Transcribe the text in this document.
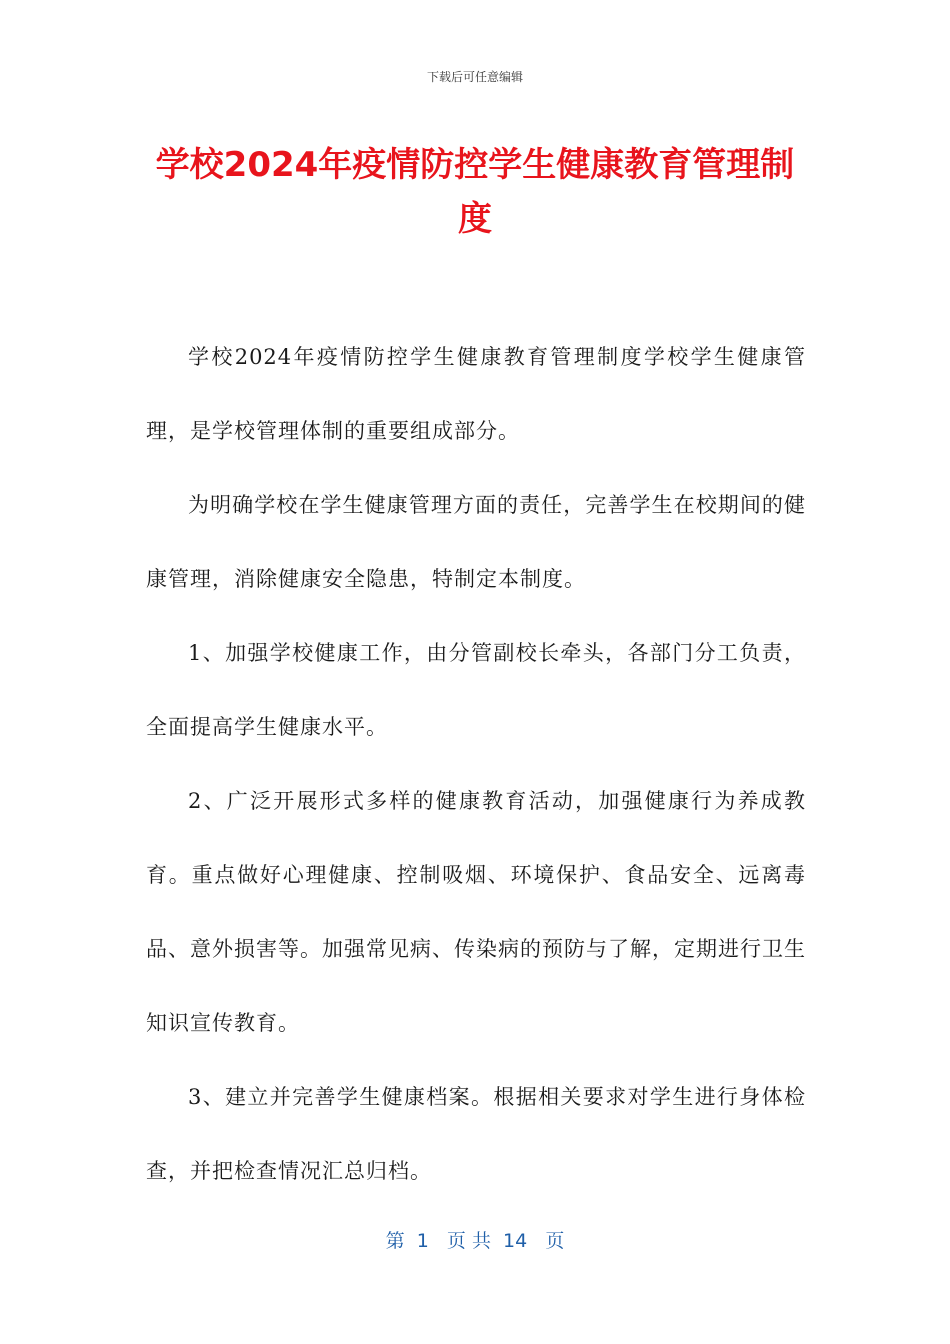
下载后可任意编辑
学校2024年疫情防控学生健康教育管理制度

学校2024年疫情防控学生健康教育管理制度学校学生健康管理，是学校管理体制的重要组成部分。

为明确学校在学生健康管理方面的责任，完善学生在校期间的健康管理，消除健康安全隐患，特制定本制度。

1、加强学校健康工作，由分管副校长牵头，各部门分工负责，全面提高学生健康水平。

2、广泛开展形式多样的健康教育活动，加强健康行为养成教育。重点做好心理健康、控制吸烟、环境保护、食品安全、远离毒品、意外损害等。加强常见病、传染病的预防与了解，定期进行卫生知识宣传教育。

3、建立并完善学生健康档案。根据相关要求对学生进行身体检查，并把检查情况汇总归档。

第  1   页 共  14   页
